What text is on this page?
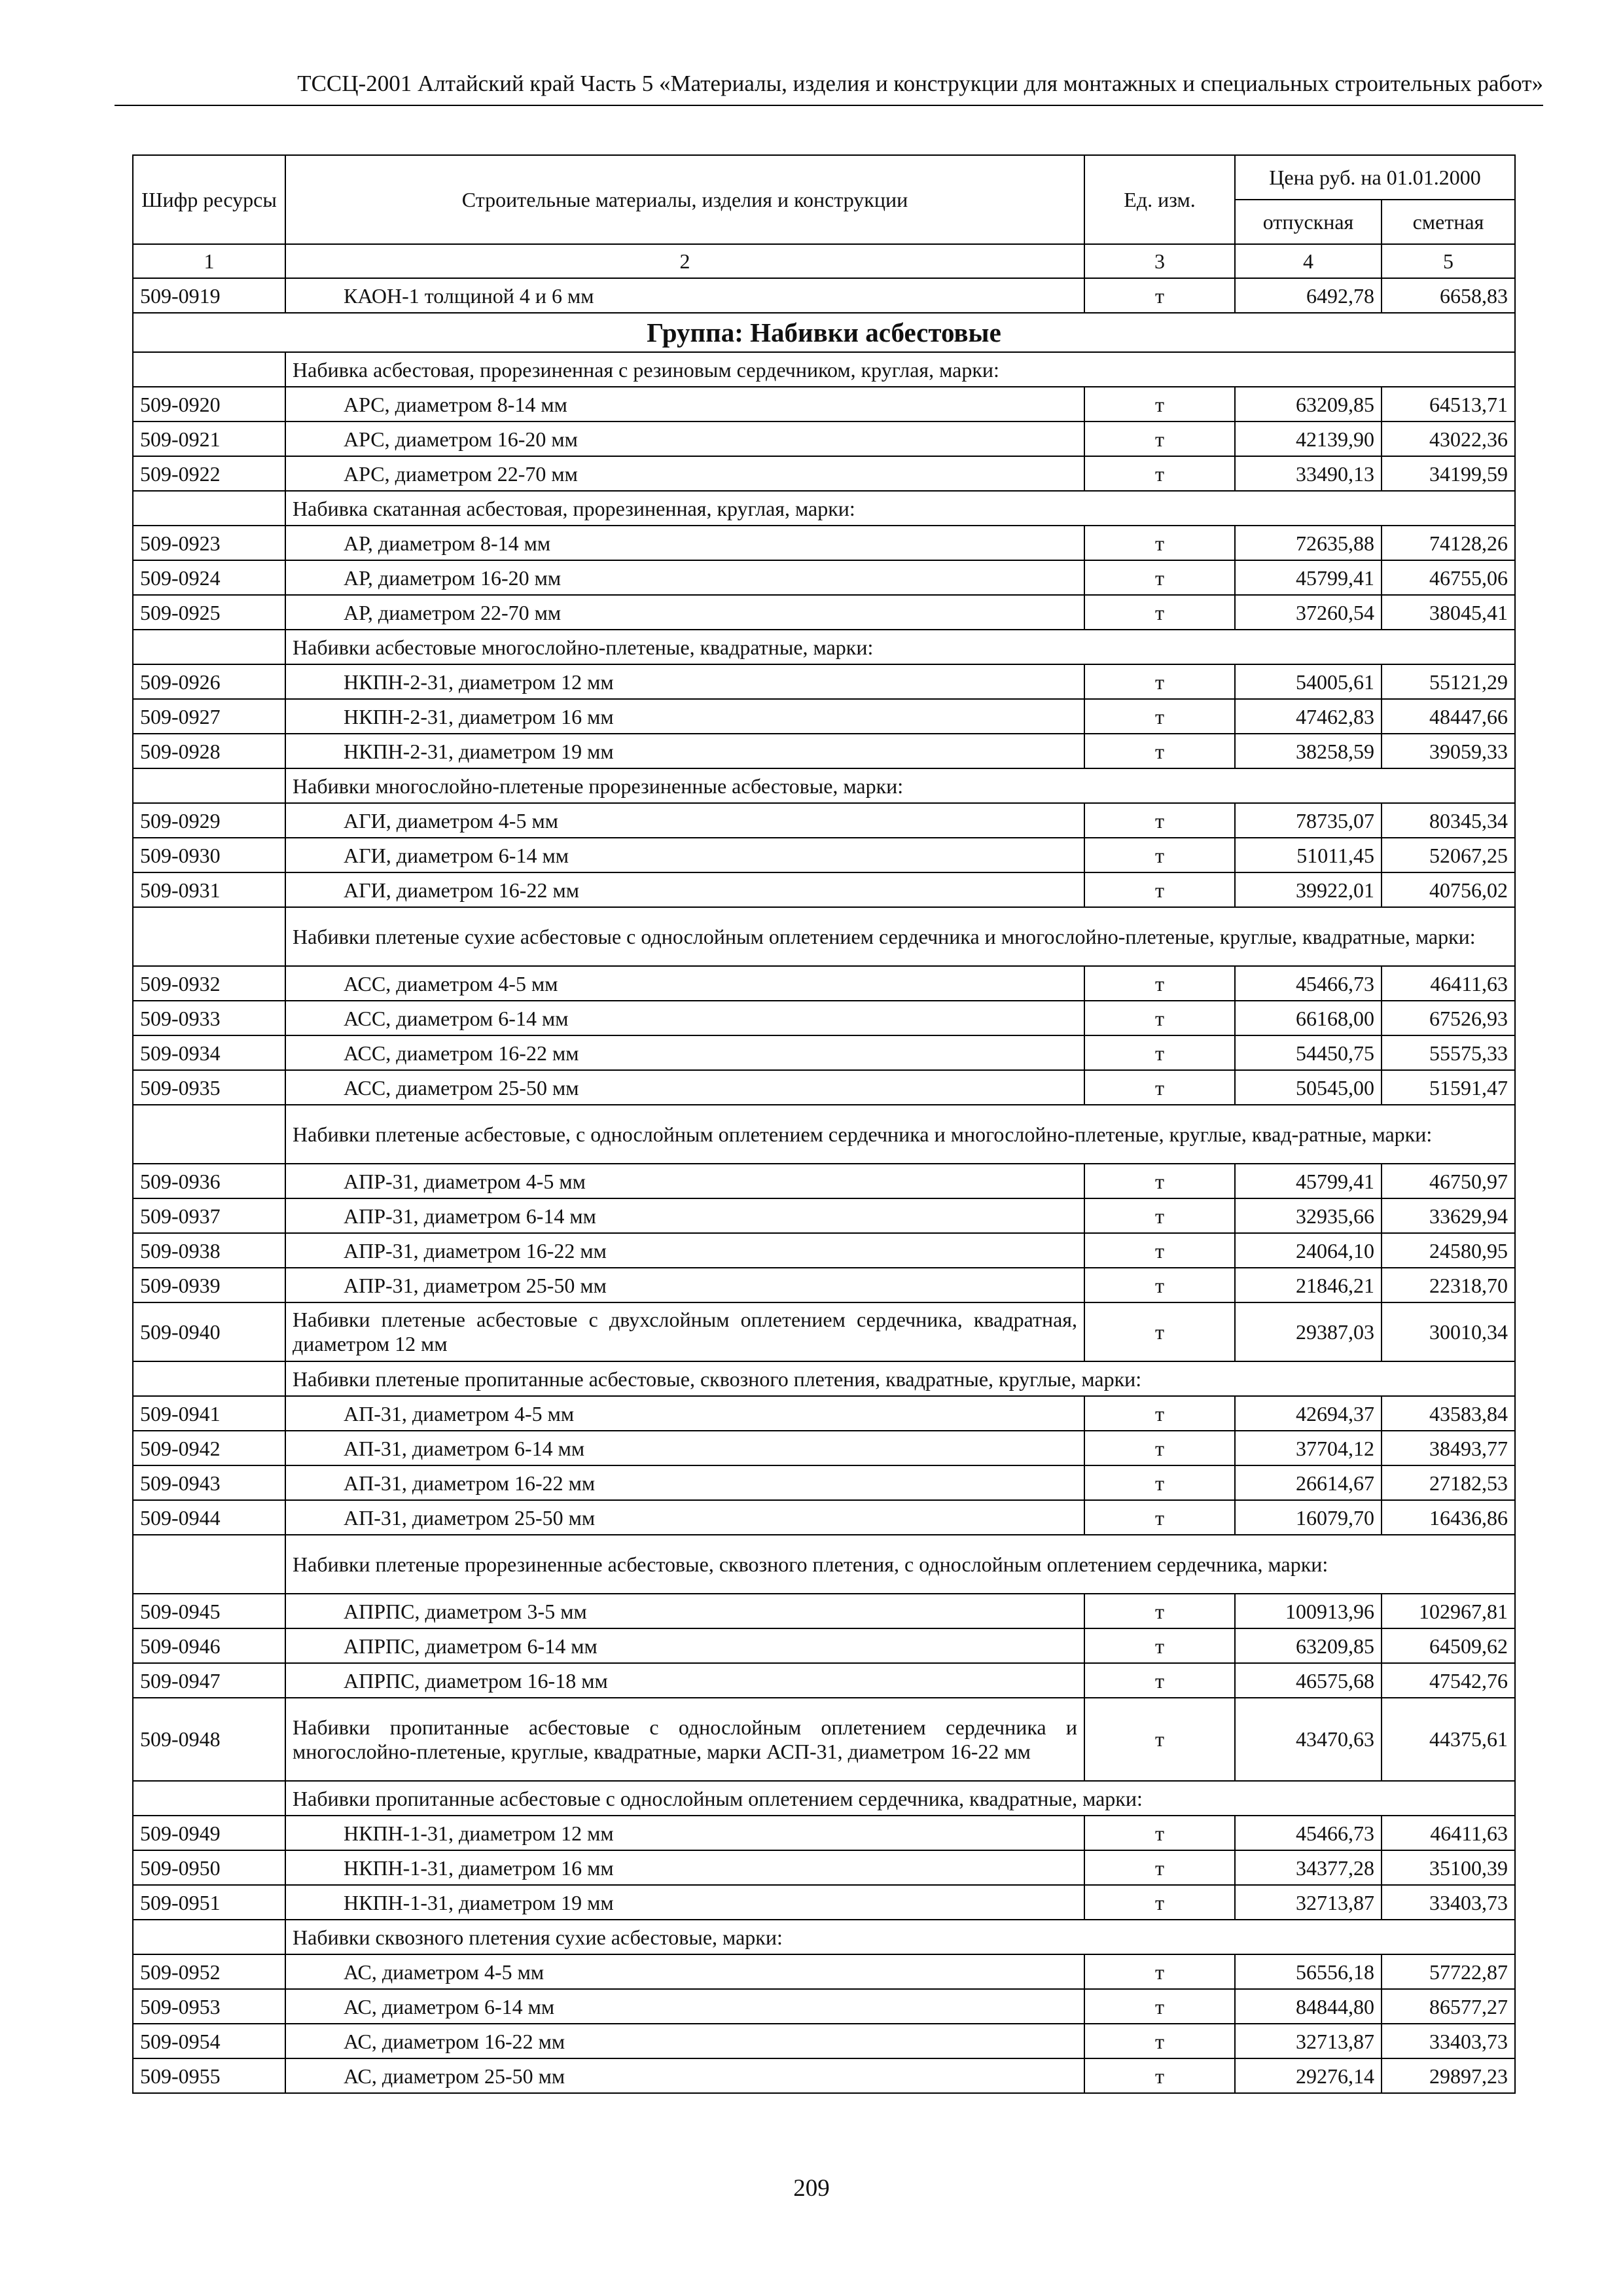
ТССЦ-2001 Алтайский край Часть 5 «Материалы, изделия и конструкции для монтажных и специальных строительных работ»
Шифр ресурсы	Строительные материалы, изделия и конструкции	Ед. изм.	Цена руб. на 01.01.2000	
			отпускная	сметная
1	2	3	4	5
509-0919	КАОН-1 толщиной 4 и 6 мм	т	6492,78	6658,83
Группа: Набивки асбестовые				
	Набивка асбестовая, прорезиненная с резиновым сердечником, круглая, марки:			
509-0920	АРС, диаметром 8-14 мм	т	63209,85	64513,71
509-0921	АРС, диаметром 16-20 мм	т	42139,90	43022,36
509-0922	АРС, диаметром 22-70 мм	т	33490,13	34199,59
	Набивка скатанная асбестовая, прорезиненная, круглая, марки:			
509-0923	АР, диаметром 8-14 мм	т	72635,88	74128,26
509-0924	АР, диаметром 16-20 мм	т	45799,41	46755,06
509-0925	АР, диаметром 22-70 мм	т	37260,54	38045,41
	Набивки асбестовые многослойно-плетеные, квадратные, марки:			
509-0926	НКПН-2-31, диаметром 12 мм	т	54005,61	55121,29
509-0927	НКПН-2-31, диаметром 16 мм	т	47462,83	48447,66
509-0928	НКПН-2-31, диаметром 19 мм	т	38258,59	39059,33
	Набивки многослойно-плетеные прорезиненные асбестовые, марки:			
509-0929	АГИ, диаметром 4-5 мм	т	78735,07	80345,34
509-0930	АГИ, диаметром 6-14 мм	т	51011,45	52067,25
509-0931	АГИ, диаметром 16-22 мм	т	39922,01	40756,02
	Набивки плетеные сухие асбестовые с однослойным оплетением сердечника и многослойно-плетеные, круглые, квадратные, марки:			
509-0932	АСС, диаметром 4-5 мм	т	45466,73	46411,63
509-0933	АСС, диаметром 6-14 мм	т	66168,00	67526,93
509-0934	АСС, диаметром 16-22 мм	т	54450,75	55575,33
509-0935	АСС, диаметром 25-50 мм	т	50545,00	51591,47
	Набивки плетеные асбестовые, с однослойным оплетением сердечника и многослойно-плетеные, круглые, квад-ратные, марки:			
509-0936	АПР-31, диаметром 4-5 мм	т	45799,41	46750,97
509-0937	АПР-31, диаметром 6-14 мм	т	32935,66	33629,94
509-0938	АПР-31, диаметром 16-22 мм	т	24064,10	24580,95
509-0939	АПР-31, диаметром 25-50 мм	т	21846,21	22318,70
509-0940	Набивки плетеные асбестовые с двухслойным оплетением сердечника, квадратная, диаметром 12 мм	т	29387,03	30010,34
	Набивки плетеные пропитанные асбестовые, сквозного плетения, квадратные, круглые, марки:			
509-0941	АП-31, диаметром 4-5 мм	т	42694,37	43583,84
509-0942	АП-31, диаметром 6-14 мм	т	37704,12	38493,77
509-0943	АП-31, диаметром 16-22 мм	т	26614,67	27182,53
509-0944	АП-31, диаметром 25-50 мм	т	16079,70	16436,86
	Набивки плетеные прорезиненные асбестовые, сквозного плетения, с однослойным оплетением сердечника, марки:			
509-0945	АПРПС, диаметром 3-5 мм	т	100913,96	102967,81
509-0946	АПРПС, диаметром 6-14 мм	т	63209,85	64509,62
509-0947	АПРПС, диаметром 16-18 мм	т	46575,68	47542,76
509-0948	Набивки пропитанные асбестовые с однослойным оплетением сердечника и многослойно-плетеные, круглые, квадратные, марки АСП-31, диаметром 16-22 мм	т	43470,63	44375,61
	Набивки пропитанные асбестовые с однослойным оплетением сердечника, квадратные, марки:			
509-0949	НКПН-1-31, диаметром 12 мм	т	45466,73	46411,63
509-0950	НКПН-1-31, диаметром 16 мм	т	34377,28	35100,39
509-0951	НКПН-1-31, диаметром 19 мм	т	32713,87	33403,73
	Набивки сквозного плетения сухие асбестовые, марки:			
509-0952	АС, диаметром 4-5 мм	т	56556,18	57722,87
509-0953	АС, диаметром 6-14 мм	т	84844,80	86577,27
509-0954	АС, диаметром 16-22 мм	т	32713,87	33403,73
509-0955	АС, диаметром 25-50 мм	т	29276,14	29897,23
209
